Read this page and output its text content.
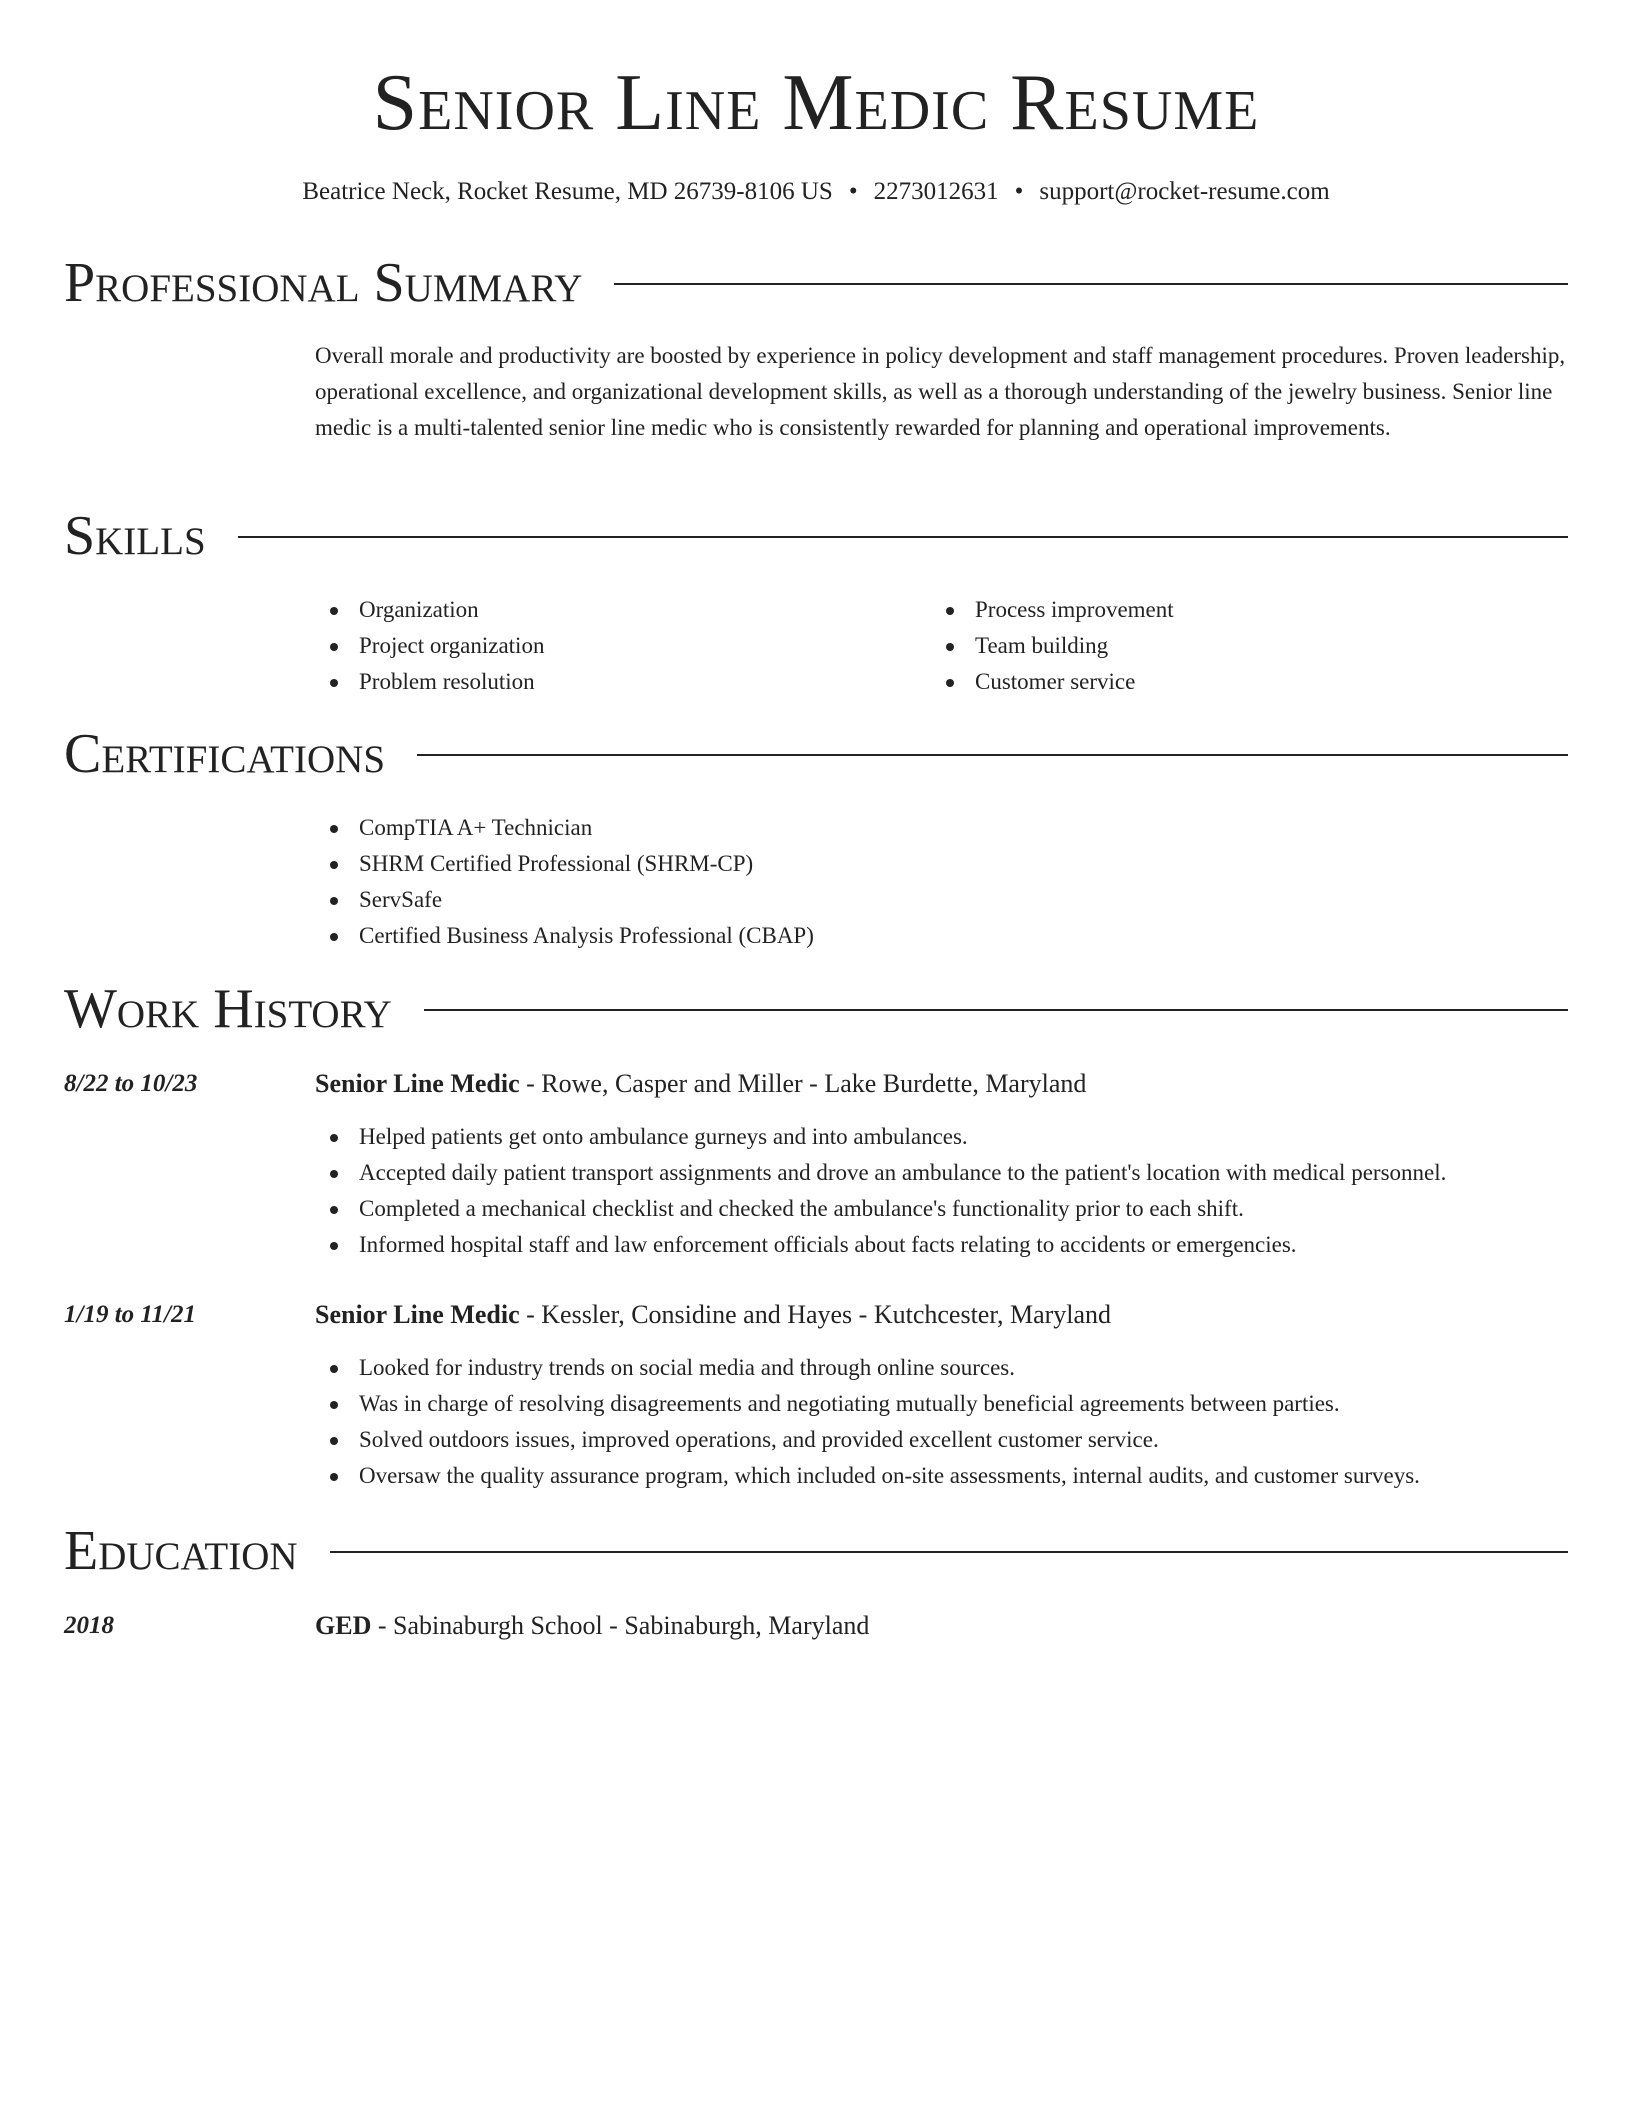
Senior Line Medic Resume
Beatrice Neck, Rocket Resume, MD 26739-8106 US • 2273012631 • support@rocket-resume.com
Professional Summary
Overall morale and productivity are boosted by experience in policy development and staff management procedures. Proven leadership, operational excellence, and organizational development skills, as well as a thorough understanding of the jewelry business. Senior line medic is a multi-talented senior line medic who is consistently rewarded for planning and operational improvements.
Skills
Organization
Project organization
Problem resolution
Process improvement
Team building
Customer service
Certifications
CompTIA A+ Technician
SHRM Certified Professional (SHRM-CP)
ServSafe
Certified Business Analysis Professional (CBAP)
Work History
8/22 to 10/23	Senior Line Medic - Rowe, Casper and Miller - Lake Burdette, Maryland
Helped patients get onto ambulance gurneys and into ambulances.
Accepted daily patient transport assignments and drove an ambulance to the patient's location with medical personnel.
Completed a mechanical checklist and checked the ambulance's functionality prior to each shift.
Informed hospital staff and law enforcement officials about facts relating to accidents or emergencies.
1/19 to 11/21	Senior Line Medic - Kessler, Considine and Hayes - Kutchcester, Maryland
Looked for industry trends on social media and through online sources.
Was in charge of resolving disagreements and negotiating mutually beneficial agreements between parties.
Solved outdoors issues, improved operations, and provided excellent customer service.
Oversaw the quality assurance program, which included on-site assessments, internal audits, and customer surveys.
Education
2018	GED - Sabinaburgh School - Sabinaburgh, Maryland
